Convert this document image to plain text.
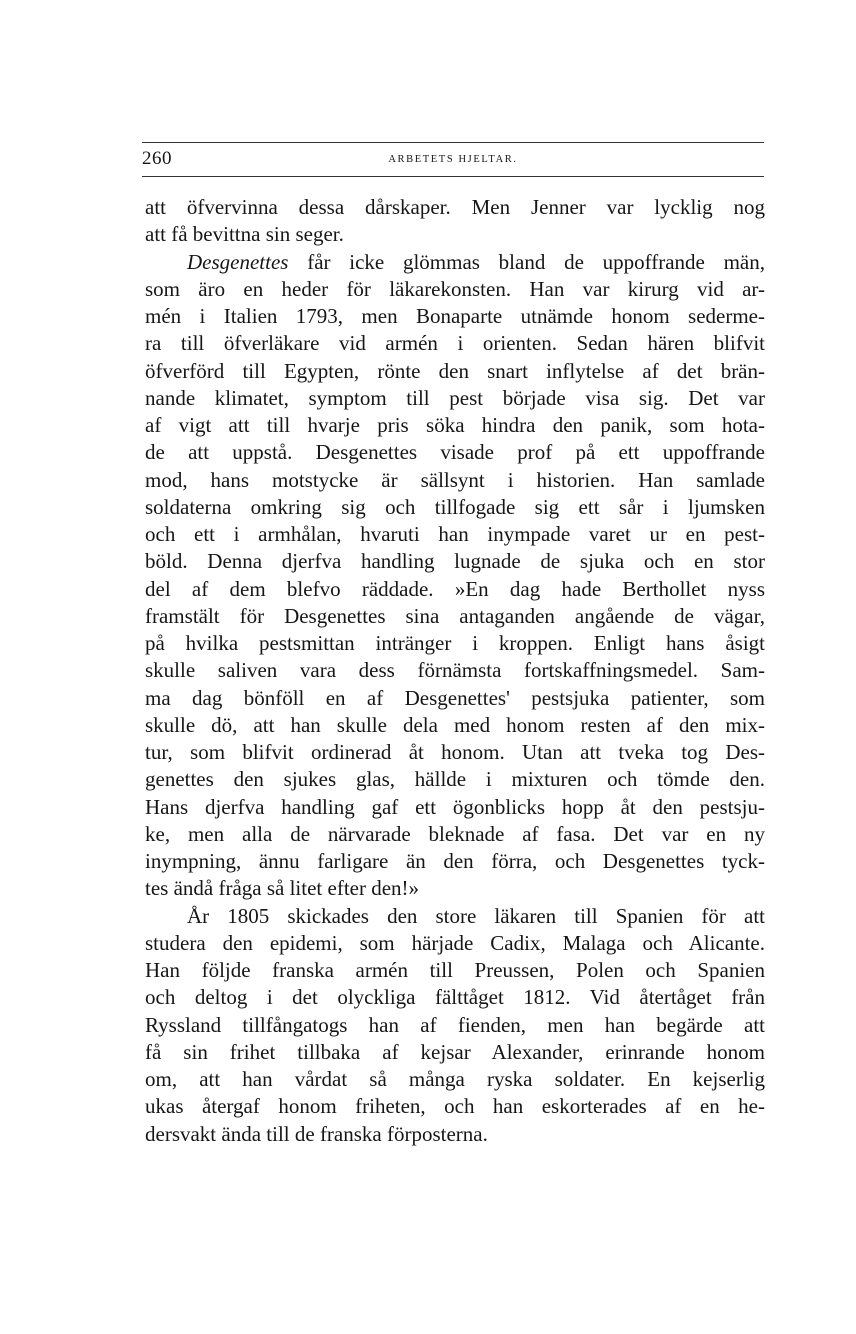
260	ARBETETS HJELTAR.

att öfvervinna dessa dårskaper. Men Jenner var lycklig nog
att få bevittna sin seger.

Desgenettes får icke glömmas bland de uppoffrande män,
som äro en heder för läkarekonsten. Han var kirurg vid ar-
mén i Italien 1793, men Bonaparte utnämde honom sederme-
ra till öfverläkare vid armén i orienten. Sedan hären blifvit
öfverförd till Egypten, rönte den snart inflytelse af det brän-
nande klimatet, symptom till pest började visa sig. Det var
af vigt att till hvarje pris söka hindra den panik, som hota-
de att uppstå. Desgenettes visade prof på ett uppoffrande
mod, hans motstycke är sällsynt i historien. Han samlade
soldaterna omkring sig och tillfogade sig ett sår i ljumsken
och ett i armhålan, hvaruti han inympade varet ur en pest-
böld. Denna djerfva handling lugnade de sjuka och en stor
del af dem blefvo räddade. »En dag hade Berthollet nyss
framstält för Desgenettes sina antaganden angående de vägar,
på hvilka pestsmittan intränger i kroppen. Enligt hans åsigt
skulle saliven vara dess förnämsta fortskaffningsmedel. Sam-
ma dag bönföll en af Desgenettes' pestsjuka patienter, som
skulle dö, att han skulle dela med honom resten af den mix-
tur, som blifvit ordinerad åt honom. Utan att tveka tog Des-
genettes den sjukes glas, hällde i mixturen och tömde den.
Hans djerfva handling gaf ett ögonblicks hopp åt den pestsju-
ke, men alla de närvarade bleknade af fasa. Det var en ny
inympning, ännu farligare än den förra, och Desgenettes tyck-
tes ändå fråga så litet efter den!»

År 1805 skickades den store läkaren till Spanien för att
studera den epidemi, som härjade Cadix, Malaga och Alicante.
Han följde franska armén till Preussen, Polen och Spanien
och deltog i det olyckliga fälttåget 1812. Vid återtåget från
Ryssland tillfångatogs han af fienden, men han begärde att
få sin frihet tillbaka af kejsar Alexander, erinrande honom
om, att han vårdat så många ryska soldater. En kejserlig
ukas återgaf honom friheten, och han eskorterades af en he-
dersvakt ända till de franska förposterna.
